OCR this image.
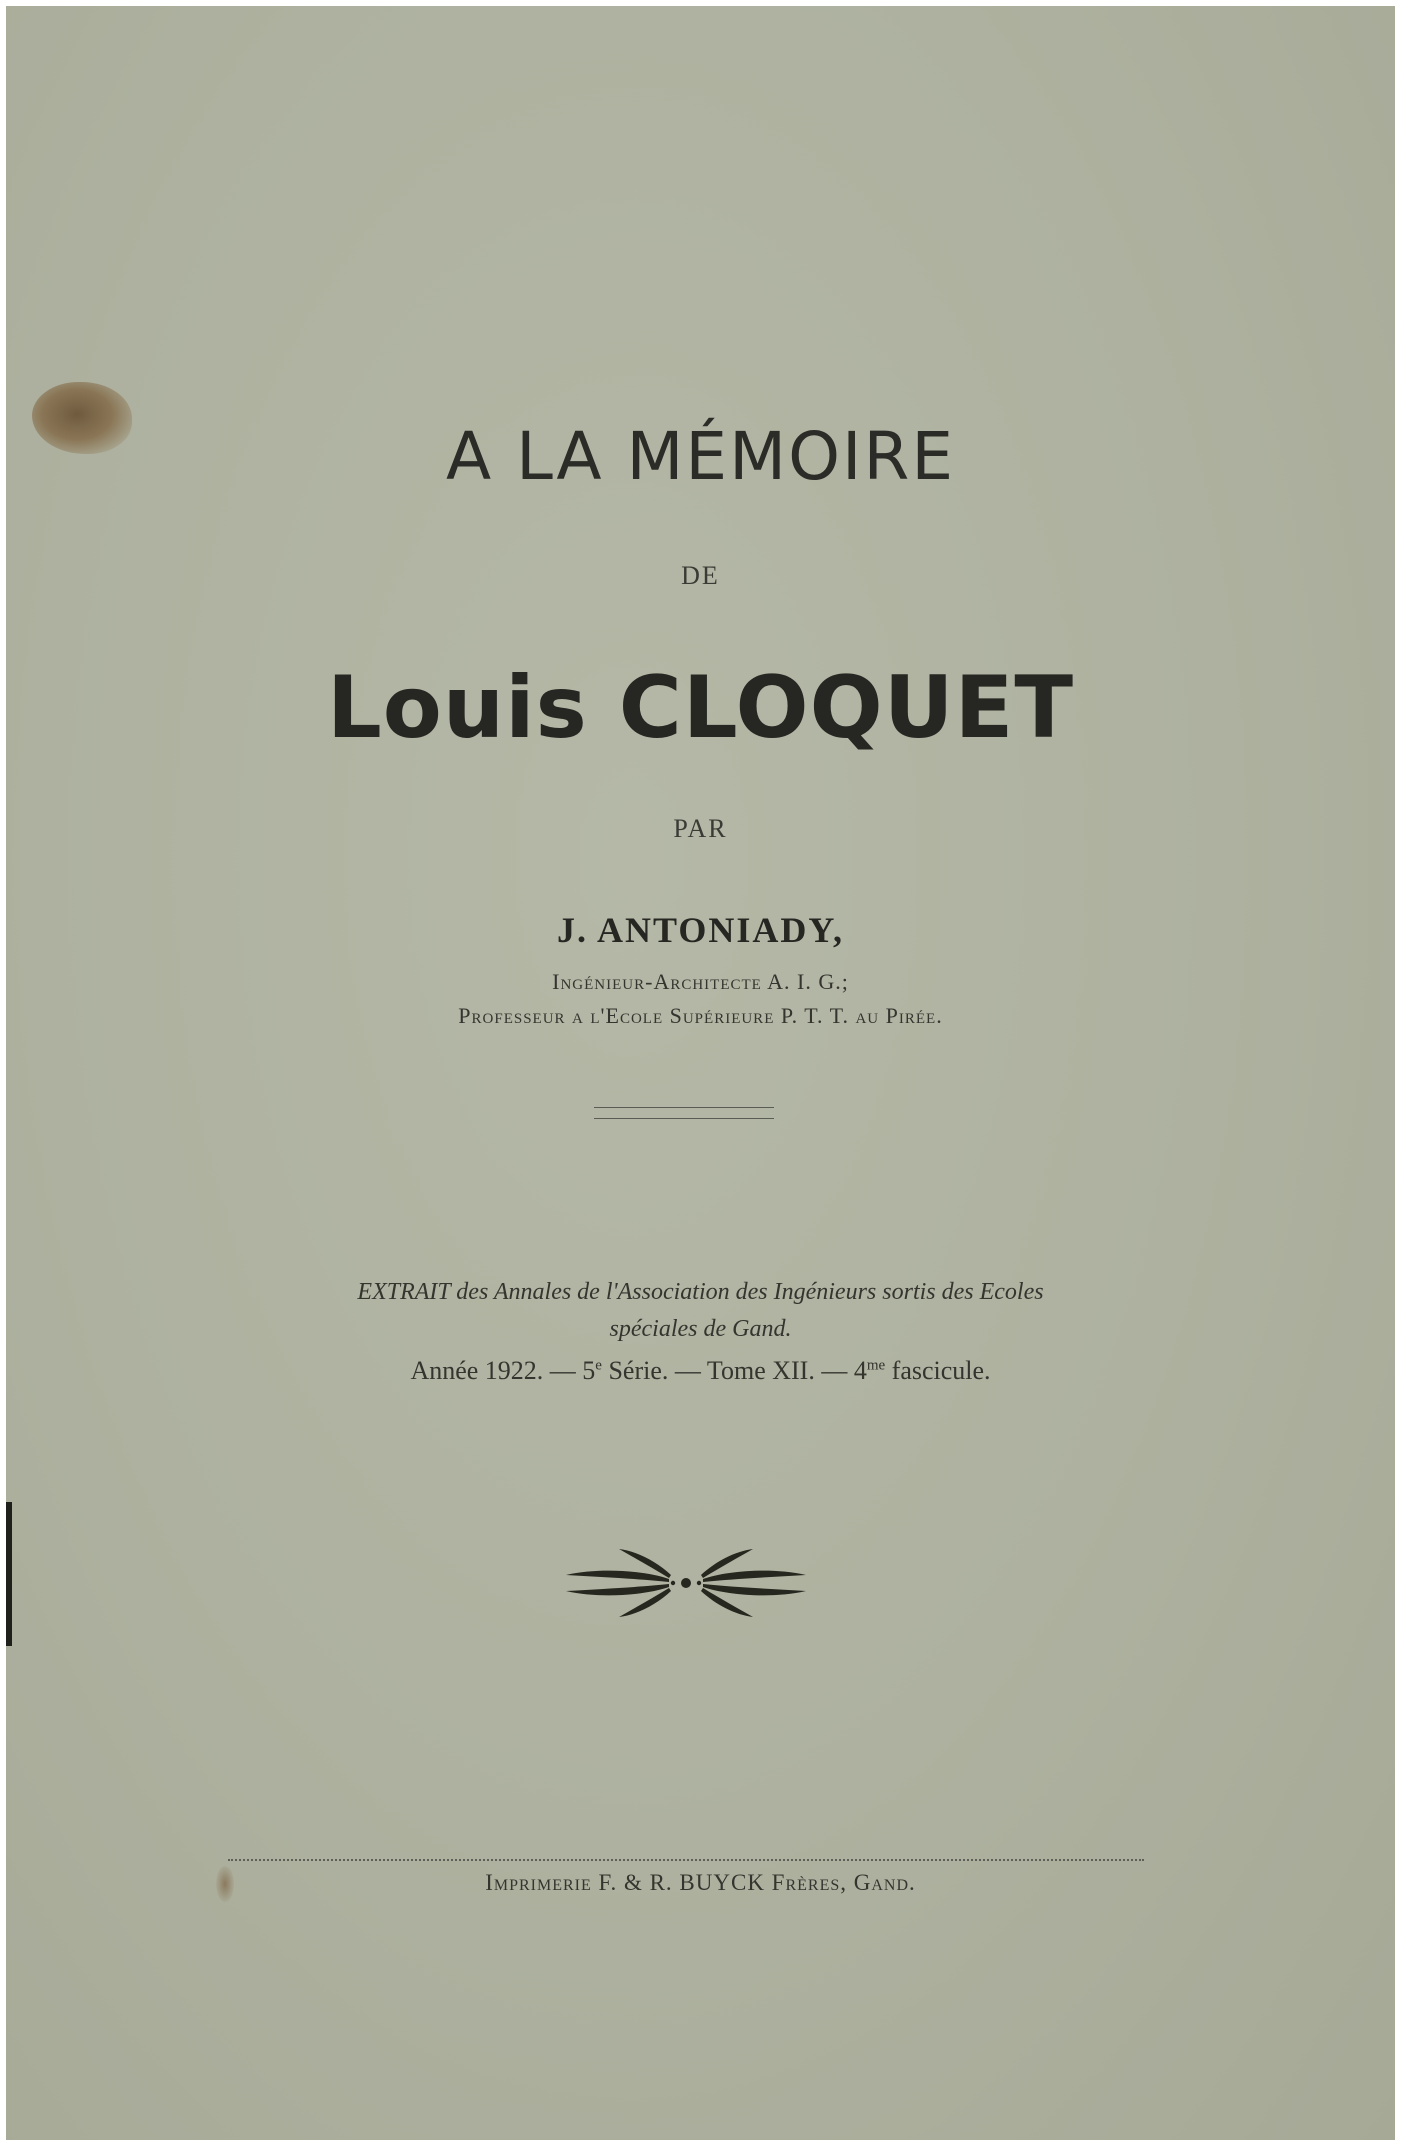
A LA MÉMOIRE
DE
Louis CLOQUET
PAR
J. ANTONIADY,
Ingénieur-Architecte A. I. G.;
Professeur a l'Ecole Supérieure P. T. T. au Pirée.
EXTRAIT des Annales de l'Association des Ingénieurs sortis des Ecoles
spéciales de Gand.
Année 1922. — 5e Série. — Tome XII. — $4^{me}$ fascicule.
Imprimerie F. & R. BUYCK Frères, Gand.
